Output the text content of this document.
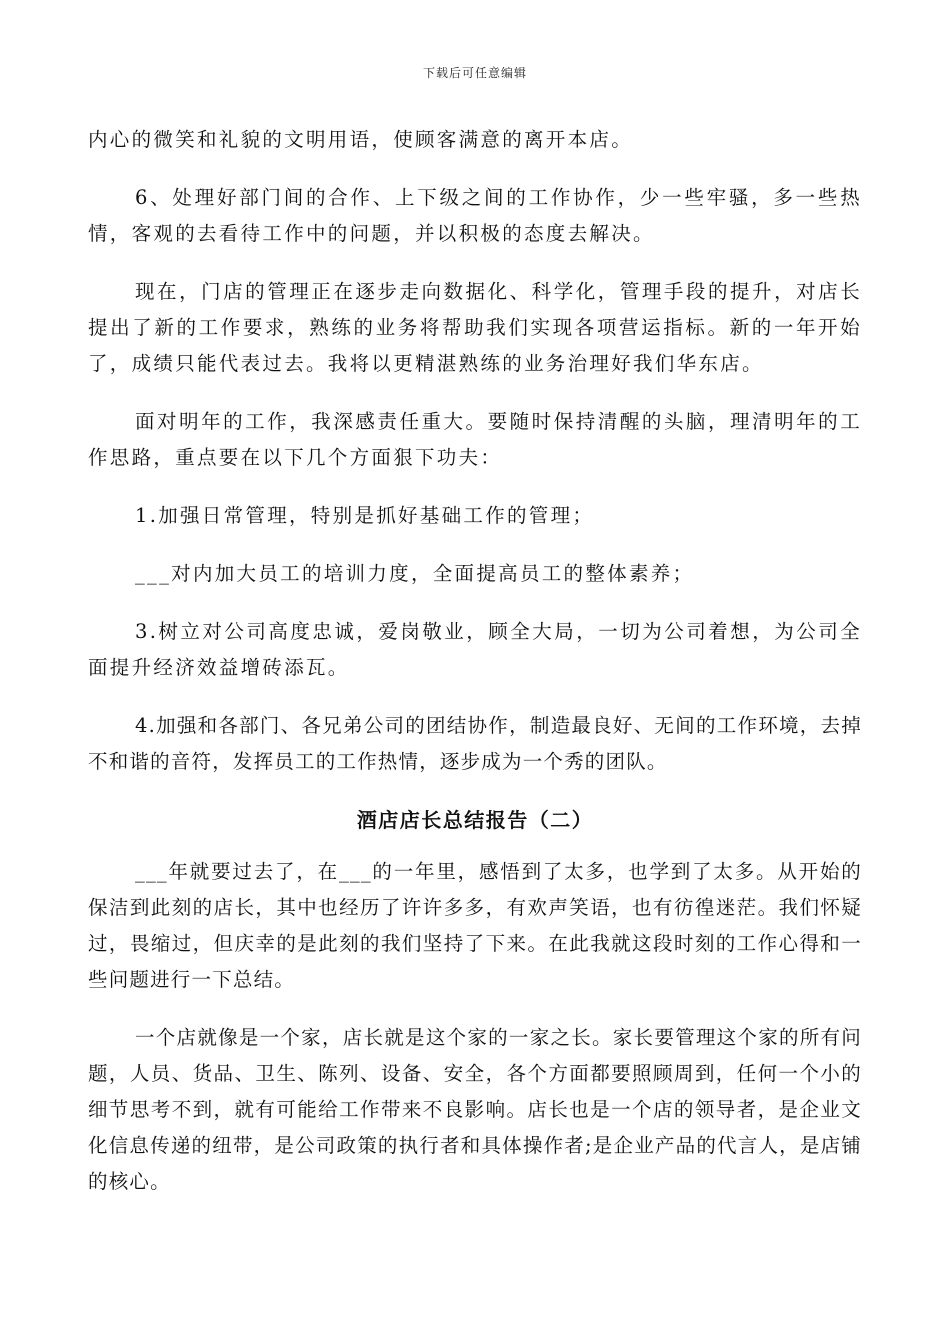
下载后可任意编辑

内心的微笑和礼貌的文明用语，使顾客满意的离开本店。

6、处理好部门间的合作、上下级之间的工作协作，少一些牢骚，多一些热情，客观的去看待工作中的问题，并以积极的态度去解决。

现在，门店的管理正在逐步走向数据化、科学化，管理手段的提升，对店长提出了新的工作要求，熟练的业务将帮助我们实现各项营运指标。新的一年开始了，成绩只能代表过去。我将以更精湛熟练的业务治理好我们华东店。

面对明年的工作，我深感责任重大。要随时保持清醒的头脑，理清明年的工作思路，重点要在以下几个方面狠下功夫：

1.加强日常管理，特别是抓好基础工作的管理；

___对内加大员工的培训力度，全面提高员工的整体素养；

3.树立对公司高度忠诚，爱岗敬业，顾全大局，一切为公司着想，为公司全面提升经济效益增砖添瓦。

4.加强和各部门、各兄弟公司的团结协作，制造最良好、无间的工作环境，去掉不和谐的音符，发挥员工的工作热情，逐步成为一个秀的团队。

酒店店长总结报告（二）

___年就要过去了，在___的一年里，感悟到了太多，也学到了太多。从开始的保洁到此刻的店长，其中也经历了许许多多，有欢声笑语，也有彷徨迷茫。我们怀疑过，畏缩过，但庆幸的是此刻的我们坚持了下来。在此我就这段时刻的工作心得和一些问题进行一下总结。

一个店就像是一个家，店长就是这个家的一家之长。家长要管理这个家的所有问题，人员、货品、卫生、陈列、设备、安全，各个方面都要照顾周到，任何一个小的细节思考不到，就有可能给工作带来不良影响。店长也是一个店的领导者，是企业文化信息传递的纽带，是公司政策的执行者和具体操作者;是企业产品的代言人，是店铺的核心。
